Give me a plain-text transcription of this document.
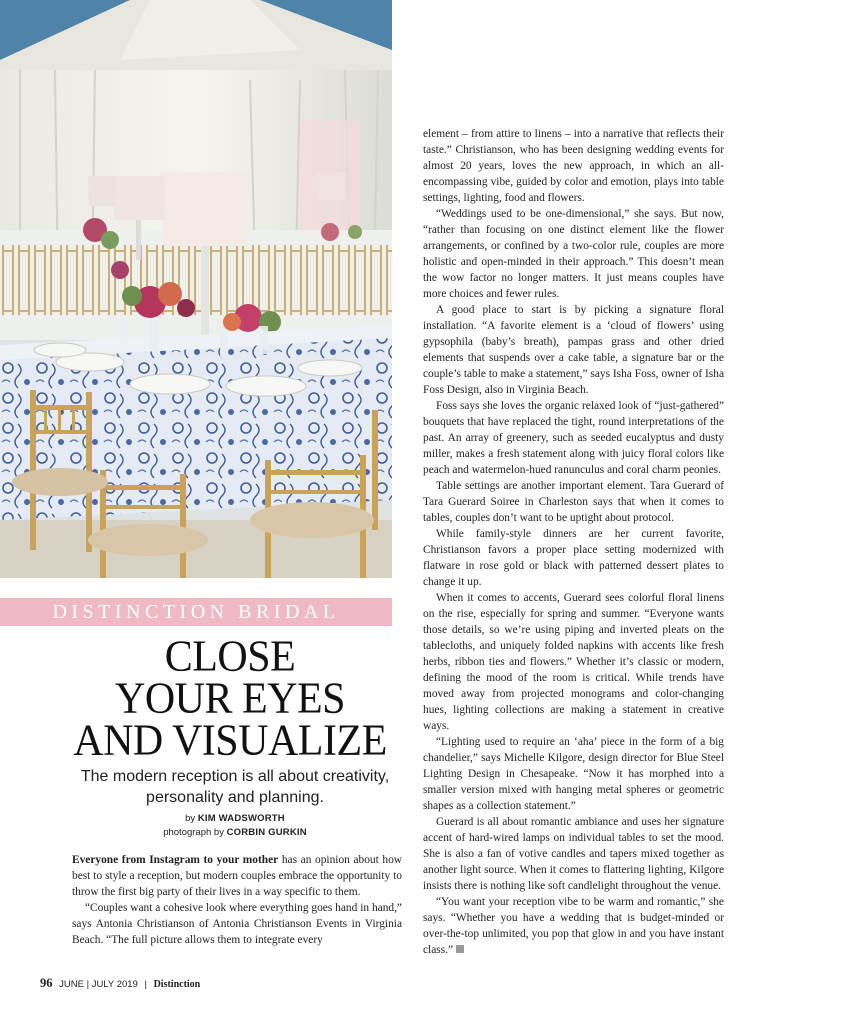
DISTINCTION BRIDAL
CLOSE
YOUR EYES
AND VISUALIZE
The modern reception is all about creativity, personality and planning.
by KIM WADSWORTH
photograph by CORBIN GURKIN

Everyone from Instagram to your mother has an opinion about how best to style a reception, but modern couples embrace the opportunity to throw the first big party of their lives in a way specific to them.

“Couples want a cohesive look where everything goes hand in hand,” says Antonia Christianson of Antonia Christianson Events in Virginia Beach. “The full picture allows them to integrate every

element – from attire to linens – into a narrative that reflects their taste.” Christianson, who has been designing wedding events for almost 20 years, loves the new approach, in which an all-encompassing vibe, guided by color and emotion, plays into table settings, lighting, food and flowers.

“Weddings used to be one-dimensional,” she says. But now, “rather than focusing on one distinct element like the flower arrangements, or confined by a two-color rule, couples are more holistic and open-minded in their approach.” This doesn’t mean the wow factor no longer matters. It just means couples have more choices and fewer rules.

A good place to start is by picking a signature floral installation. “A favorite element is a ‘cloud of flowers’ using gypsophila (baby’s breath), pampas grass and other dried elements that suspends over a cake table, a signature bar or the couple’s table to make a statement,” says Isha Foss, owner of Isha Foss Design, also in Virginia Beach.

Foss says she loves the organic relaxed look of “just-gathered” bouquets that have replaced the tight, round interpretations of the past. An array of greenery, such as seeded eucalyptus and dusty miller, makes a fresh statement along with juicy floral colors like peach and watermelon-hued ranunculus and coral charm peonies.

Table settings are another important element. Tara Guerard of Tara Guerard Soiree in Charleston says that when it comes to tables, couples don’t want to be uptight about protocol.

While family-style dinners are her current favorite, Christianson favors a proper place setting modernized with flatware in rose gold or black with patterned dessert plates to change it up.

When it comes to accents, Guerard sees colorful floral linens on the rise, especially for spring and summer. “Everyone wants those details, so we’re using piping and inverted pleats on the tablecloths, and uniquely folded napkins with accents like fresh herbs, ribbon ties and flowers.” Whether it’s classic or modern, defining the mood of the room is critical. While trends have moved away from projected monograms and color-changing hues, lighting collections are making a statement in creative ways.

“Lighting used to require an ‘aha’ piece in the form of a big chandelier,” says Michelle Kilgore, design director for Blue Steel Lighting Design in Chesapeake. “Now it has morphed into a smaller version mixed with hanging metal spheres or geometric shapes as a collection statement.”

Guerard is all about romantic ambiance and uses her signature accent of hard-wired lamps on individual tables to set the mood. She is also a fan of votive candles and tapers mixed together as another light source. When it comes to flattering lighting, Kilgore insists there is nothing like soft candlelight throughout the venue.

“You want your reception vibe to be warm and romantic,” she says. “Whether you have a wedding that is budget-minded or over-the-top unlimited, you pop that glow in and you have instant class.”

96 JUNE | JULY 2019 | Distinction
